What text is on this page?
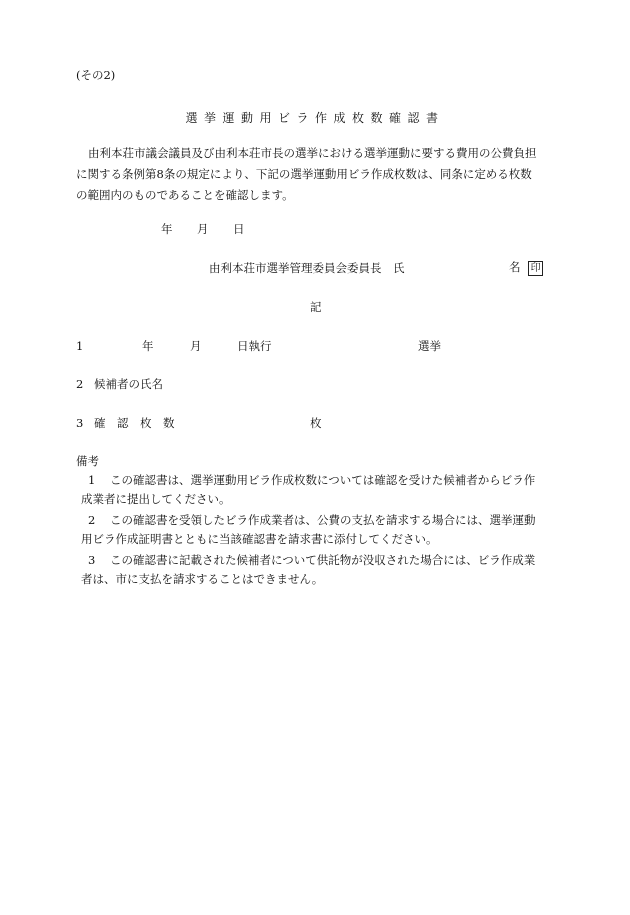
(その2)
選挙運動用ビラ作成枚数確認書
由利本荘市議会議員及び由利本荘市長の選挙における選挙運動に要する費用の公費負担
に関する条例第8条の規定により、下記の選挙運動用ビラ作成枚数は、同条に定める枚数
の範囲内のものであることを確認します。
年 月 日
由利本荘市選挙管理委員会委員長　氏	名 印
記
1	年	月	日執行	選挙
2 候補者の氏名
3 確　認　枚　数	枚
備考
1 この確認書は、選挙運動用ビラ作成枚数については確認を受けた候補者からビラ作
成業者に提出してください。
2 この確認書を受領したビラ作成業者は、公費の支払を請求する場合には、選挙運動
用ビラ作成証明書とともに当該確認書を請求書に添付してください。
3 この確認書に記載された候補者について供託物が没収された場合には、ビラ作成業
者は、市に支払を請求することはできません。
